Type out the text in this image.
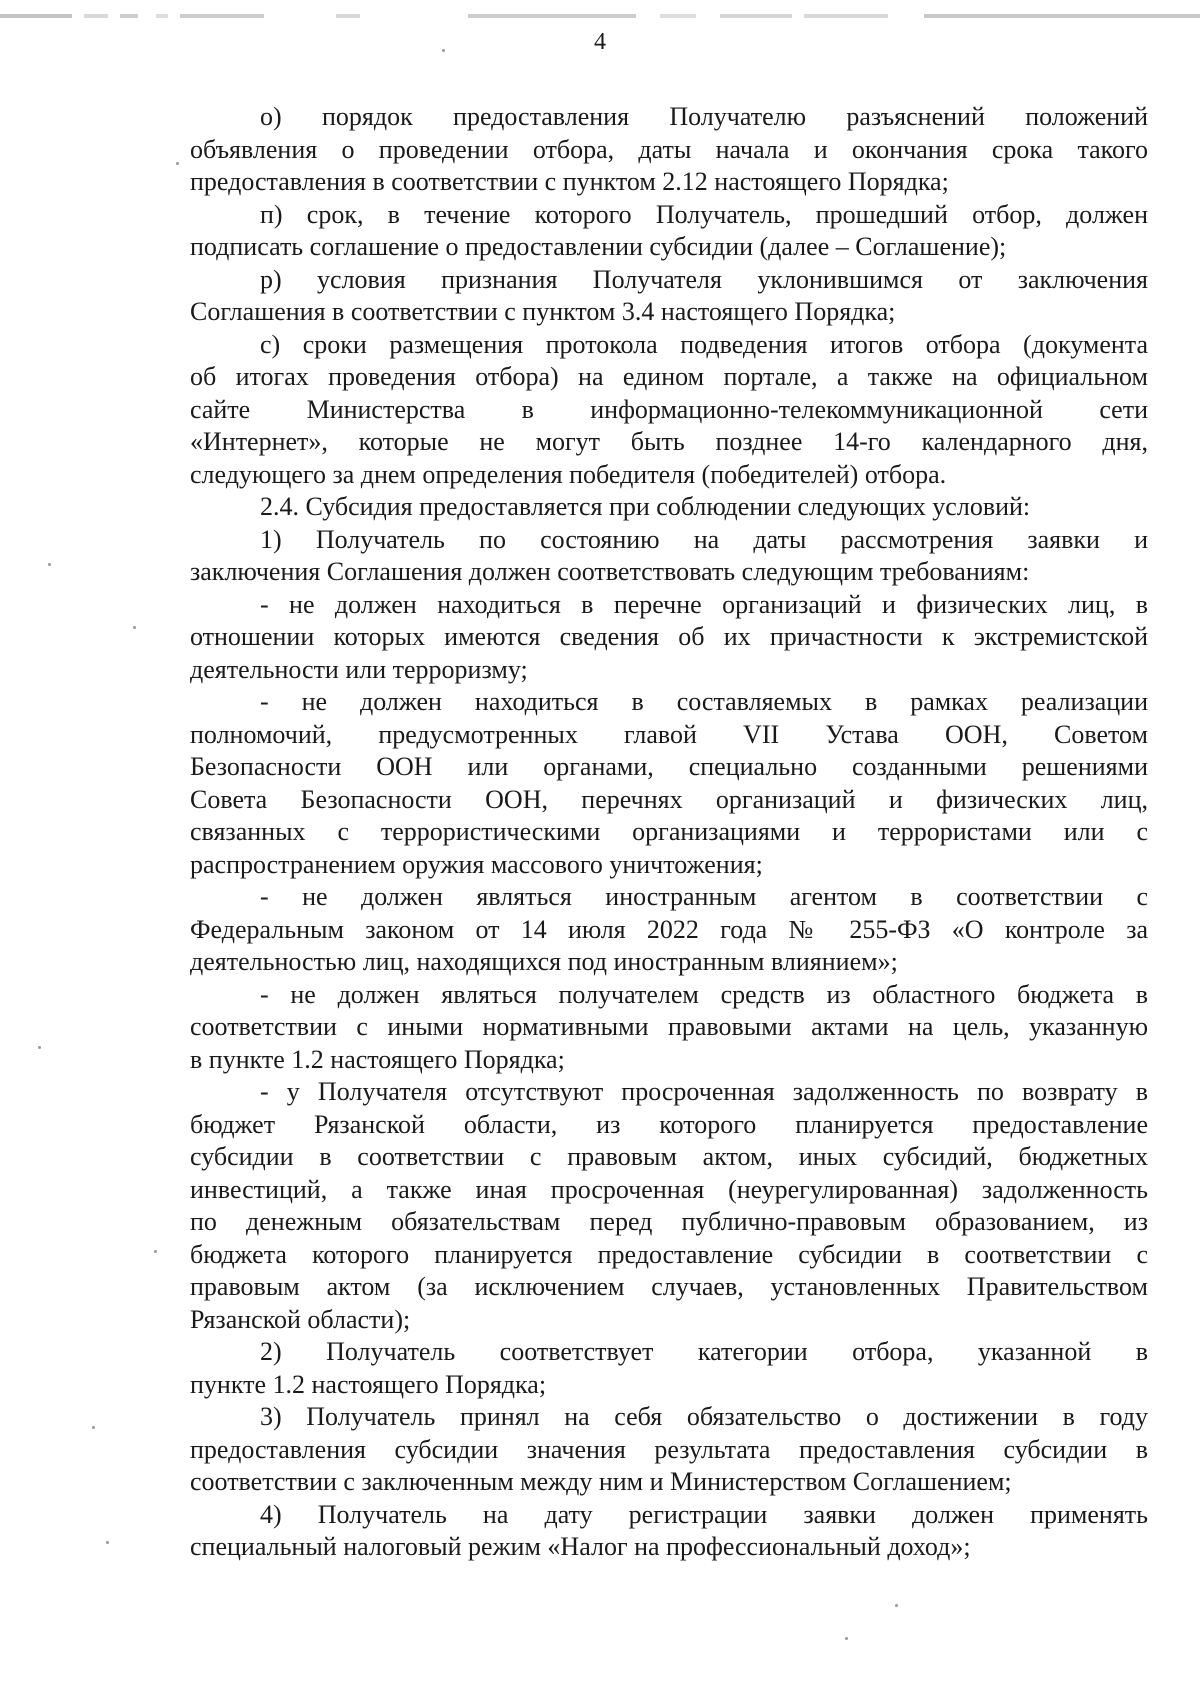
4
о) порядок предоставления Получателю разъяснений положений
объявления о проведении отбора, даты начала и окончания срока такого
предоставления в соответствии с пунктом 2.12 настоящего Порядка;
п) срок, в течение которого Получатель, прошедший отбор, должен
подписать соглашение о предоставлении субсидии (далее – Соглашение);
р) условия признания Получателя уклонившимся от заключения
Соглашения в соответствии с пунктом 3.4 настоящего Порядка;
с) сроки размещения протокола подведения итогов отбора (документа
об итогах проведения отбора) на едином портале, а также на официальном
сайте Министерства в информационно-телекоммуникационной сети
«Интернет», которые не могут быть позднее 14-го календарного дня,
следующего за днем определения победителя (победителей) отбора.
2.4. Субсидия предоставляется при соблюдении следующих условий:
1) Получатель по состоянию на даты рассмотрения заявки и
заключения Соглашения должен соответствовать следующим требованиям:
- не должен находиться в перечне организаций и физических лиц, в
отношении которых имеются сведения об их причастности к экстремистской
деятельности или терроризму;
- не должен находиться в составляемых в рамках реализации
полномочий, предусмотренных главой VII Устава ООН, Советом
Безопасности ООН или органами, специально созданными решениями
Совета Безопасности ООН, перечнях организаций и физических лиц,
связанных с террористическими организациями и террористами или с
распространением оружия массового уничтожения;
- не должен являться иностранным агентом в соответствии с
Федеральным законом от 14 июля 2022 года № 255-ФЗ «О контроле за
деятельностью лиц, находящихся под иностранным влиянием»;
- не должен являться получателем средств из областного бюджета в
соответствии с иными нормативными правовыми актами на цель, указанную
в пункте 1.2 настоящего Порядка;
- у Получателя отсутствуют просроченная задолженность по возврату в
бюджет Рязанской области, из которого планируется предоставление
субсидии в соответствии с правовым актом, иных субсидий, бюджетных
инвестиций, а также иная просроченная (неурегулированная) задолженность
по денежным обязательствам перед публично-правовым образованием, из
бюджета которого планируется предоставление субсидии в соответствии с
правовым актом (за исключением случаев, установленных Правительством
Рязанской области);
2) Получатель соответствует категории отбора, указанной в
пункте 1.2 настоящего Порядка;
3) Получатель принял на себя обязательство о достижении в году
предоставления субсидии значения результата предоставления субсидии в
соответствии с заключенным между ним и Министерством Соглашением;
4) Получатель на дату регистрации заявки должен применять
специальный налоговый режим «Налог на профессиональный доход»;
